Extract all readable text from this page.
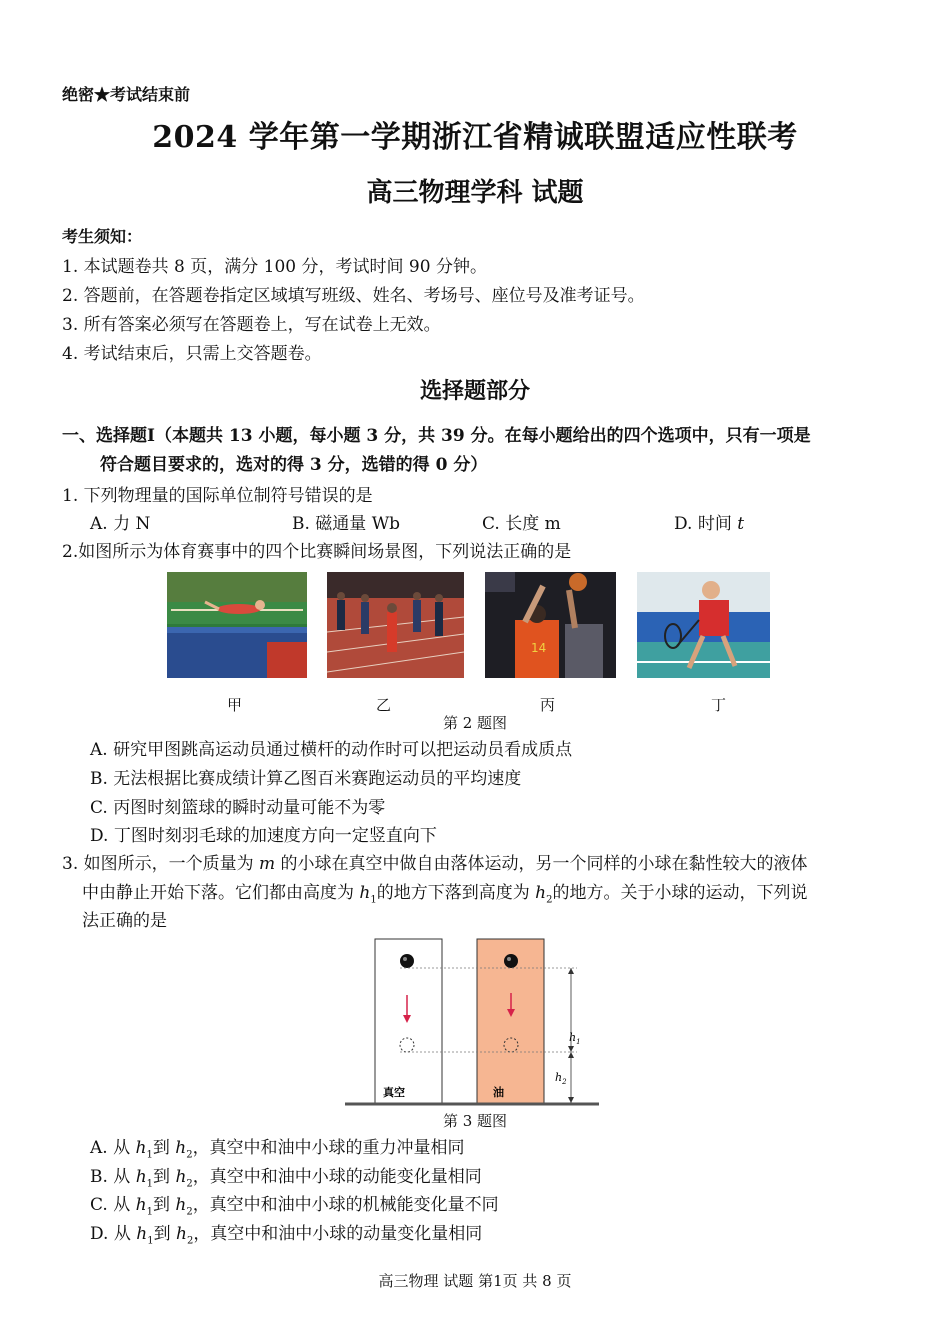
绝密★考试结束前
2024 学年第一学期浙江省精诚联盟适应性联考
高三物理学科 试题
考生须知：
1. 本试题卷共 8 页，满分 100 分，考试时间 90 分钟。
2. 答题前，在答题卷指定区域填写班级、姓名、考场号、座位号及准考证号。
3. 所有答案必须写在答题卷上，写在试卷上无效。
4. 考试结束后，只需上交答题卷。
选择题部分
一、选择题Ⅰ（本题共 13 小题，每小题 3 分，共 39 分。在每小题给出的四个选项中，只有一项是
符合题目要求的，选对的得 3 分，选错的得 0 分）
1. 下列物理量的国际单位制符号错误的是
A. 力 N	B. 磁通量 Wb	C. 长度 m	D. 时间 t
2.如图所示为体育赛事中的四个比赛瞬间场景图，下列说法正确的是
14
甲	乙	丙	丁
第 2 题图
A. 研究甲图跳高运动员通过横杆的动作时可以把运动员看成质点
B. 无法根据比赛成绩计算乙图百米赛跑运动员的平均速度
C. 丙图时刻篮球的瞬时动量可能不为零
D. 丁图时刻羽毛球的加速度方向一定竖直向下
3. 如图所示，一个质量为 m 的小球在真空中做自由落体运动，另一个同样的小球在黏性较大的液体
中由静止开始下落。它们都由高度为 $h_1$的地方下落到高度为 $h_2$的地方。关于小球的运动，下列说
法正确的是
$h_1$
$h_2$
真空	油
第 3 题图
A. 从 $h_1$到 $h_2$，真空中和油中小球的重力冲量相同
B. 从 $h_1$到 $h_2$，真空中和油中小球的动能变化量相同
C. 从 $h_1$到 $h_2$，真空中和油中小球的机械能变化量不同
D. 从 $h_1$到 $h_2$，真空中和油中小球的动量变化量相同
高三物理 试题 第1页 共 8 页
